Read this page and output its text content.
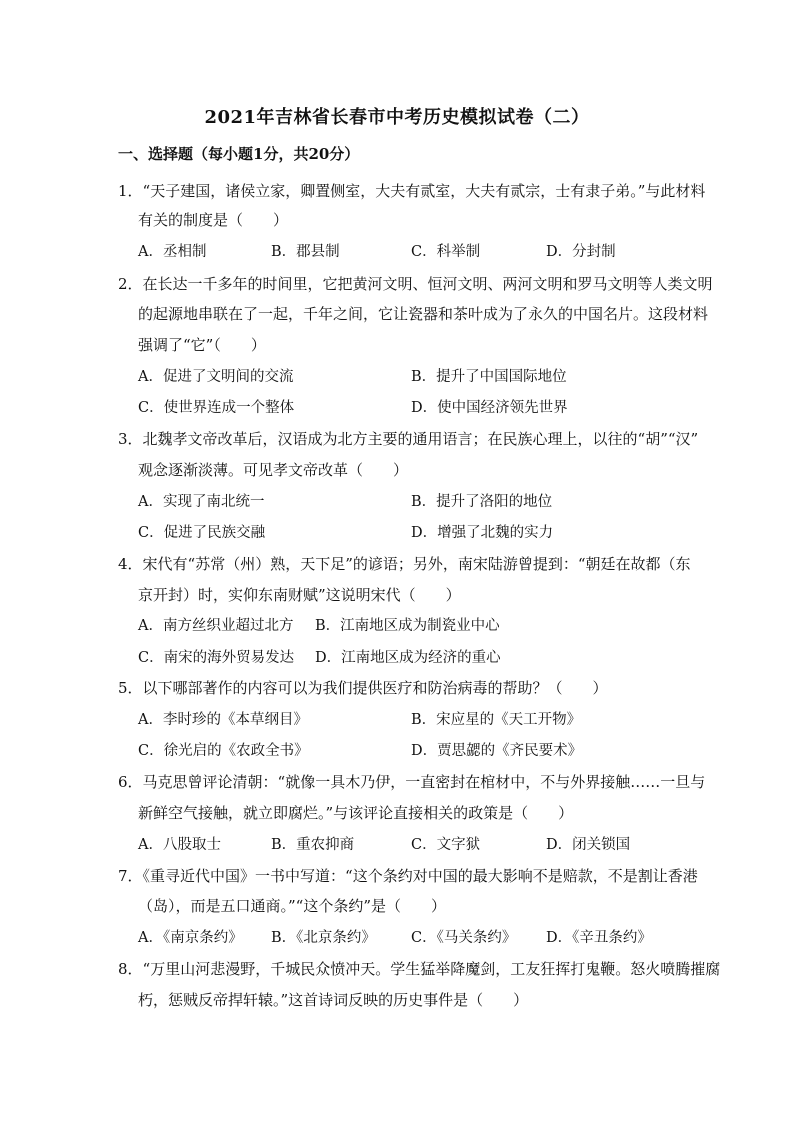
2021年吉林省长春市中考历史模拟试卷（二）
一、选择题（每小题1分，共20分）
1．“天子建国，诸侯立家，卿置侧室，大夫有贰室，大夫有贰宗，士有隶子弟。”与此材料
有关的制度是（　　）
A．丞相制	B．郡县制	C．科举制	D．分封制
2．在长达一千多年的时间里，它把黄河文明、恒河文明、两河文明和罗马文明等人类文明
的起源地串联在了一起，千年之间，它让瓷器和茶叶成为了永久的中国名片。这段材料
强调了“它”（　　）
A．促进了文明间的交流	B．提升了中国国际地位
C．使世界连成一个整体	D．使中国经济领先世界
3．北魏孝文帝改革后，汉语成为北方主要的通用语言；在民族心理上，以往的“胡”“汉”
观念逐渐淡薄。可见孝文帝改革（　　）
A．实现了南北统一	B．提升了洛阳的地位
C．促进了民族交融	D．增强了北魏的实力
4．宋代有“苏常（州）熟，天下足”的谚语；另外，南宋陆游曾提到：“朝廷在故都（东
京开封）时，实仰东南财赋”这说明宋代（　　）
A．南方丝织业超过北方 B．江南地区成为制瓷业中心
C．南宋的海外贸易发达 D．江南地区成为经济的重心
5．以下哪部著作的内容可以为我们提供医疗和防治病毒的帮助？（　　）
A．李时珍的《本草纲目》	B．宋应星的《天工开物》
C．徐光启的《农政全书》	D．贾思勰的《齐民要术》
6．马克思曾评论清朝：“就像一具木乃伊，一直密封在棺材中，不与外界接触……一旦与
新鲜空气接触，就立即腐烂。”与该评论直接相关的政策是（　　）
A．八股取士	B．重农抑商	C．文字狱	D．闭关锁国
7．《重寻近代中国》一书中写道：“这个条约对中国的最大影响不是赔款，不是割让香港
（岛），而是五口通商。”“这个条约”是（　　）
A．《南京条约》 B．《北京条约》 C．《马关条约》 D．《辛丑条约》
8．“万里山河悲漫野，千城民众愤冲天。学生猛举降魔剑，工友狂挥打鬼鞭。怒火喷腾摧腐
朽，惩贼反帝捍轩辕。”这首诗词反映的历史事件是（　　）
